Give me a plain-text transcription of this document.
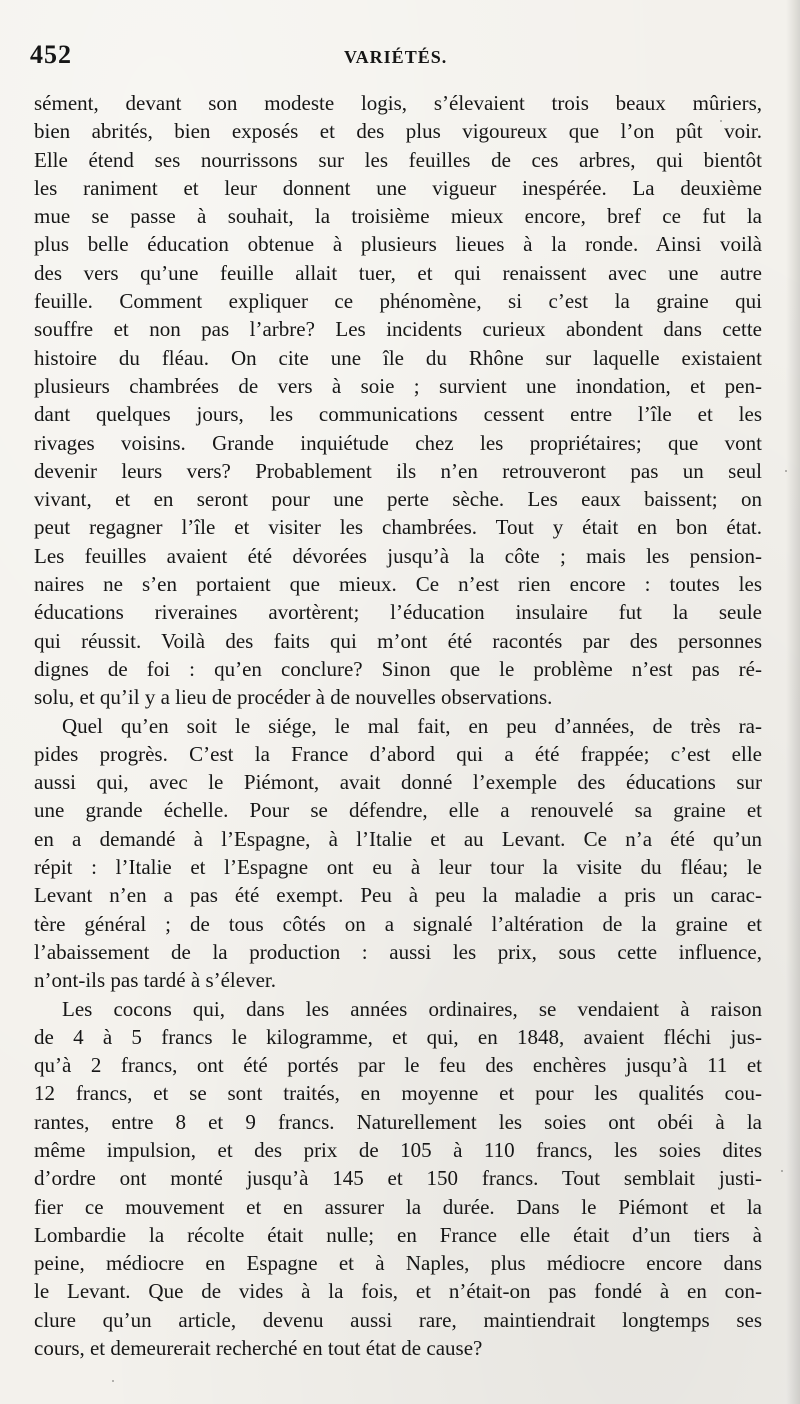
452	VARIÉTÉS.
sément, devant son modeste logis, s’élevaient trois beaux mûriers,
bien abrités, bien exposés et des plus vigoureux que l’on pût voir.
Elle étend ses nourrissons sur les feuilles de ces arbres, qui bientôt
les raniment et leur donnent une vigueur inespérée. La deuxième
mue se passe à souhait, la troisième mieux encore, bref ce fut la
plus belle éducation obtenue à plusieurs lieues à la ronde. Ainsi voilà
des vers qu’une feuille allait tuer, et qui renaissent avec une autre
feuille. Comment expliquer ce phénomène, si c’est la graine qui
souffre et non pas l’arbre? Les incidents curieux abondent dans cette
histoire du fléau. On cite une île du Rhône sur laquelle existaient
plusieurs chambrées de vers à soie ; survient une inondation, et pen-
dant quelques jours, les communications cessent entre l’île et les
rivages voisins. Grande inquiétude chez les propriétaires; que vont
devenir leurs vers? Probablement ils n’en retrouveront pas un seul
vivant, et en seront pour une perte sèche. Les eaux baissent; on
peut regagner l’île et visiter les chambrées. Tout y était en bon état.
Les feuilles avaient été dévorées jusqu’à la côte ; mais les pension-
naires ne s’en portaient que mieux. Ce n’est rien encore : toutes les
éducations riveraines avortèrent; l’éducation insulaire fut la seule
qui réussit. Voilà des faits qui m’ont été racontés par des personnes
dignes de foi : qu’en conclure? Sinon que le problème n’est pas ré-
solu, et qu’il y a lieu de procéder à de nouvelles observations.
Quel qu’en soit le siége, le mal fait, en peu d’années, de très ra-
pides progrès. C’est la France d’abord qui a été frappée; c’est elle
aussi qui, avec le Piémont, avait donné l’exemple des éducations sur
une grande échelle. Pour se défendre, elle a renouvelé sa graine et
en a demandé à l’Espagne, à l’Italie et au Levant. Ce n’a été qu’un
répit : l’Italie et l’Espagne ont eu à leur tour la visite du fléau; le
Levant n’en a pas été exempt. Peu à peu la maladie a pris un carac-
tère général ; de tous côtés on a signalé l’altération de la graine et
l’abaissement de la production : aussi les prix, sous cette influence,
n’ont-ils pas tardé à s’élever.
Les cocons qui, dans les années ordinaires, se vendaient à raison
de 4 à 5 francs le kilogramme, et qui, en 1848, avaient fléchi jus-
qu’à 2 francs, ont été portés par le feu des enchères jusqu’à 11 et
12 francs, et se sont traités, en moyenne et pour les qualités cou-
rantes, entre 8 et 9 francs. Naturellement les soies ont obéi à la
même impulsion, et des prix de 105 à 110 francs, les soies dites
d’ordre ont monté jusqu’à 145 et 150 francs. Tout semblait justi-
fier ce mouvement et en assurer la durée. Dans le Piémont et la
Lombardie la récolte était nulle; en France elle était d’un tiers à
peine, médiocre en Espagne et à Naples, plus médiocre encore dans
le Levant. Que de vides à la fois, et n’était-on pas fondé à en con-
clure qu’un article, devenu aussi rare, maintiendrait longtemps ses
cours, et demeurerait recherché en tout état de cause?
